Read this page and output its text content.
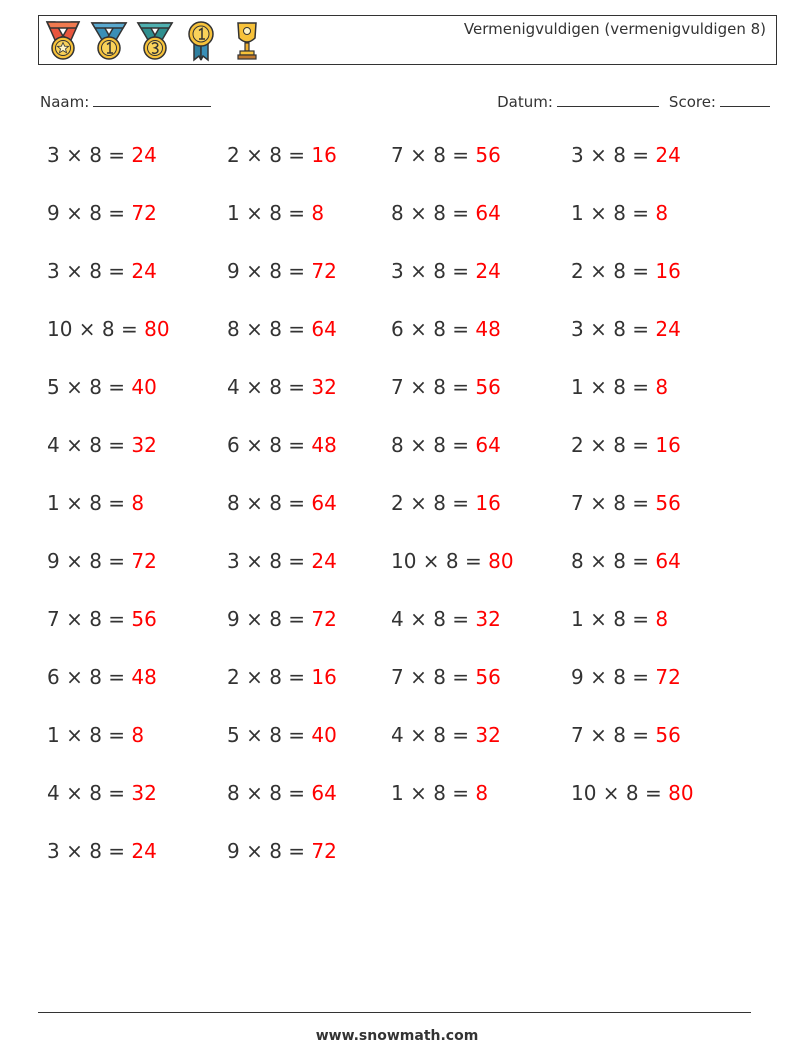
Vermenigvuldigen (vermenigvuldigen 8)
Naam:	Datum:	Score:
3 × 8 = 24
9 × 8 = 72
3 × 8 = 24
10 × 8 = 80
5 × 8 = 40
4 × 8 = 32
1 × 8 = 8
9 × 8 = 72
7 × 8 = 56
6 × 8 = 48
1 × 8 = 8
4 × 8 = 32
3 × 8 = 24
2 × 8 = 16
1 × 8 = 8
9 × 8 = 72
8 × 8 = 64
4 × 8 = 32
6 × 8 = 48
8 × 8 = 64
3 × 8 = 24
9 × 8 = 72
2 × 8 = 16
5 × 8 = 40
8 × 8 = 64
9 × 8 = 72
7 × 8 = 56
8 × 8 = 64
3 × 8 = 24
6 × 8 = 48
7 × 8 = 56
8 × 8 = 64
2 × 8 = 16
10 × 8 = 80
4 × 8 = 32
7 × 8 = 56
4 × 8 = 32
1 × 8 = 8
3 × 8 = 24
1 × 8 = 8
2 × 8 = 16
3 × 8 = 24
1 × 8 = 8
2 × 8 = 16
7 × 8 = 56
8 × 8 = 64
1 × 8 = 8
9 × 8 = 72
7 × 8 = 56
10 × 8 = 80
www.snowmath.com
